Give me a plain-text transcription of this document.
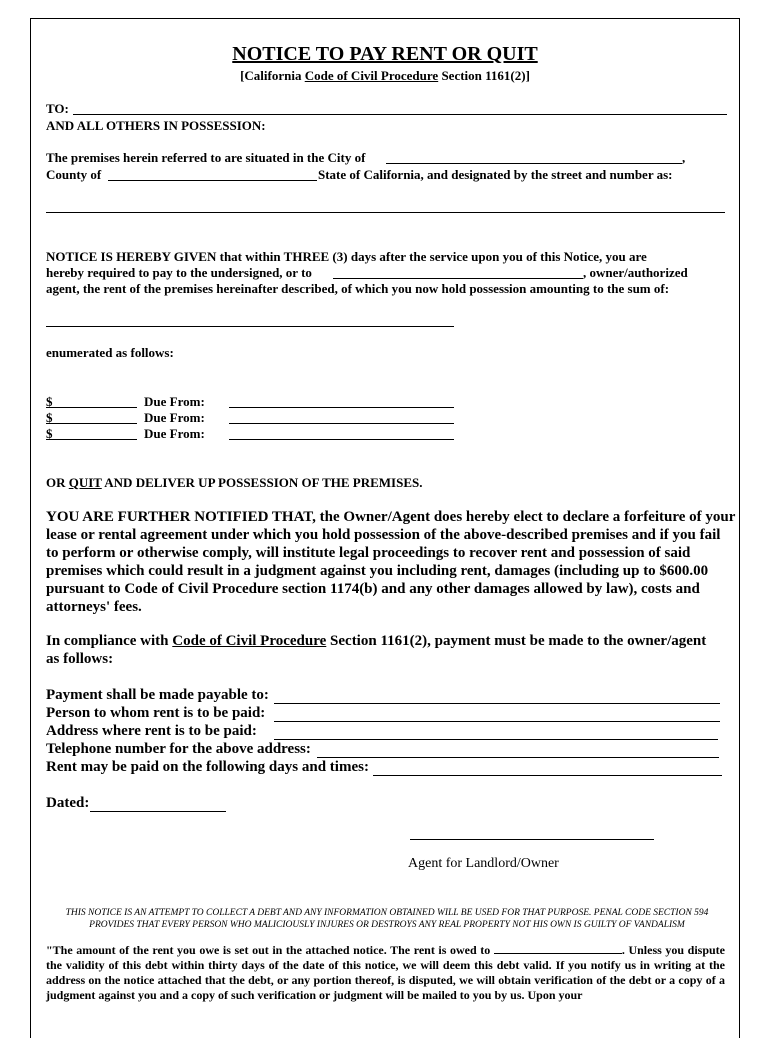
NOTICE TO PAY RENT OR QUIT
[California Code of Civil Procedure Section 1161(2)]
TO:
AND ALL OTHERS IN POSSESSION:
The premises herein referred to are situated in the City of	,
County of	State of California, and designated by the street and number as:
NOTICE IS HEREBY GIVEN that within THREE (3) days after the service upon you of this Notice, you are
hereby required to pay to the undersigned, or to	, owner/authorized
agent, the rent of the premises hereinafter described, of which you now hold possession amounting to the sum of:
enumerated as follows:
$	Due From:
$	Due From:
$	Due From:
OR QUIT AND DELIVER UP POSSESSION OF THE PREMISES.
YOU ARE FURTHER NOTIFIED THAT, the Owner/Agent does hereby elect to declare a forfeiture of your lease or rental agreement under which you hold possession of the above-described premises and if you fail to perform or otherwise comply, will institute legal proceedings to recover rent and possession of said premises which could result in a judgment against you including rent, damages (including up to $600.00 pursuant to Code of Civil Procedure section 1174(b) and any other damages allowed by law), costs and attorneys' fees.
In compliance with Code of Civil Procedure Section 1161(2), payment must be made to the owner/agent
as follows:
Payment shall be made payable to:
Person to whom rent is to be paid:
Address where rent is to be paid:
Telephone number for the above address:
Rent may be paid on the following days and times:
Dated:
Agent for Landlord/Owner
THIS NOTICE IS AN ATTEMPT TO COLLECT A DEBT AND ANY INFORMATION OBTAINED WILL BE USED FOR THAT PURPOSE. PENAL CODE SECTION 594 PROVIDES THAT EVERY PERSON WHO MALICIOUSLY INJURES OR DESTROYS ANY REAL PROPERTY NOT HIS OWN IS GUILTY OF VANDALISM
"The amount of the rent you owe is set out in the attached notice. The rent is owed to	. Unless you dispute the validity of this debt within thirty days of the date of this notice, we will deem this debt valid. If you notify us in writing at the address on the notice attached that the debt, or any portion thereof, is disputed, we will obtain verification of the debt or a copy of a judgment against you and a copy of such verification or judgment will be mailed to you by us. Upon your
